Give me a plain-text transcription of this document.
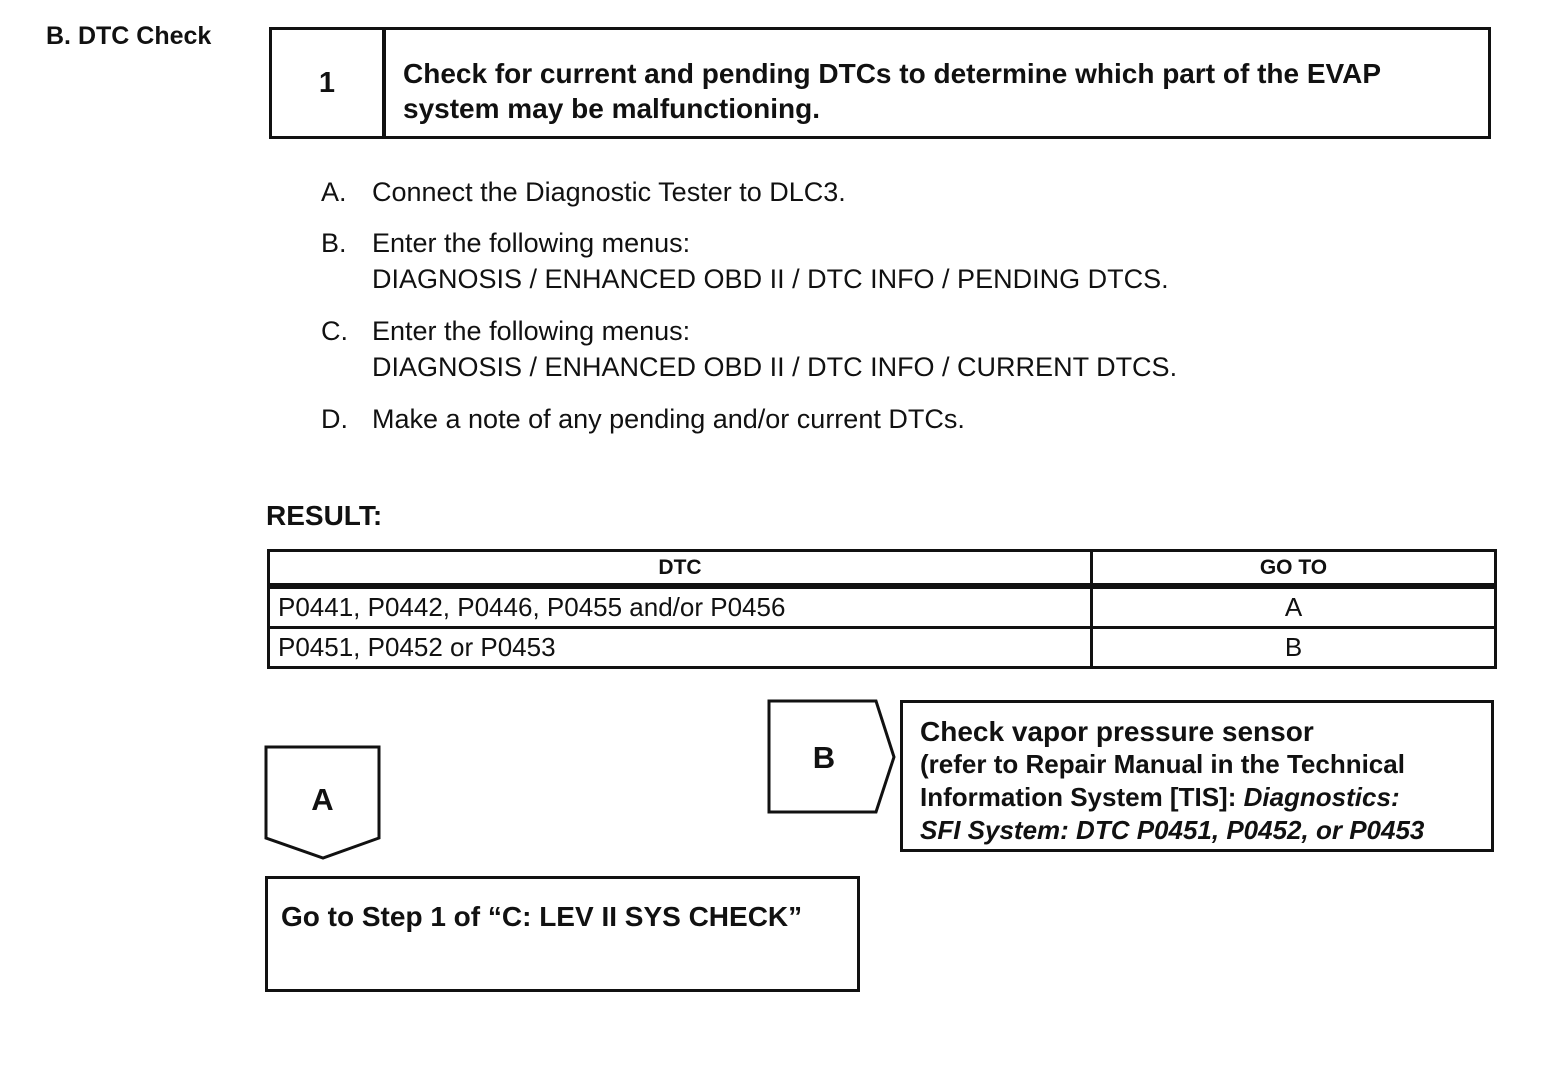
B. DTC Check
1	Check for current and pending DTCs to determine which part of the EVAP system may be malfunctioning.
A. Connect the Diagnostic Tester to DLC3.
B. Enter the following menus:
DIAGNOSIS / ENHANCED OBD II / DTC INFO / PENDING DTCS.
C. Enter the following menus:
DIAGNOSIS / ENHANCED OBD II / DTC INFO / CURRENT DTCS.
D. Make a note of any pending and/or current DTCs.
RESULT:
DTC	GO TO
P0441, P0442, P0446, P0455 and/or P0456	A
P0451, P0452 or P0453	B
A
Go to Step 1 of “C: LEV II SYS CHECK”
B
Check vapor pressure sensor
(refer to Repair Manual in the Technical
Information System [TIS]: Diagnostics:
SFI System: DTC P0451, P0452, or P0453
